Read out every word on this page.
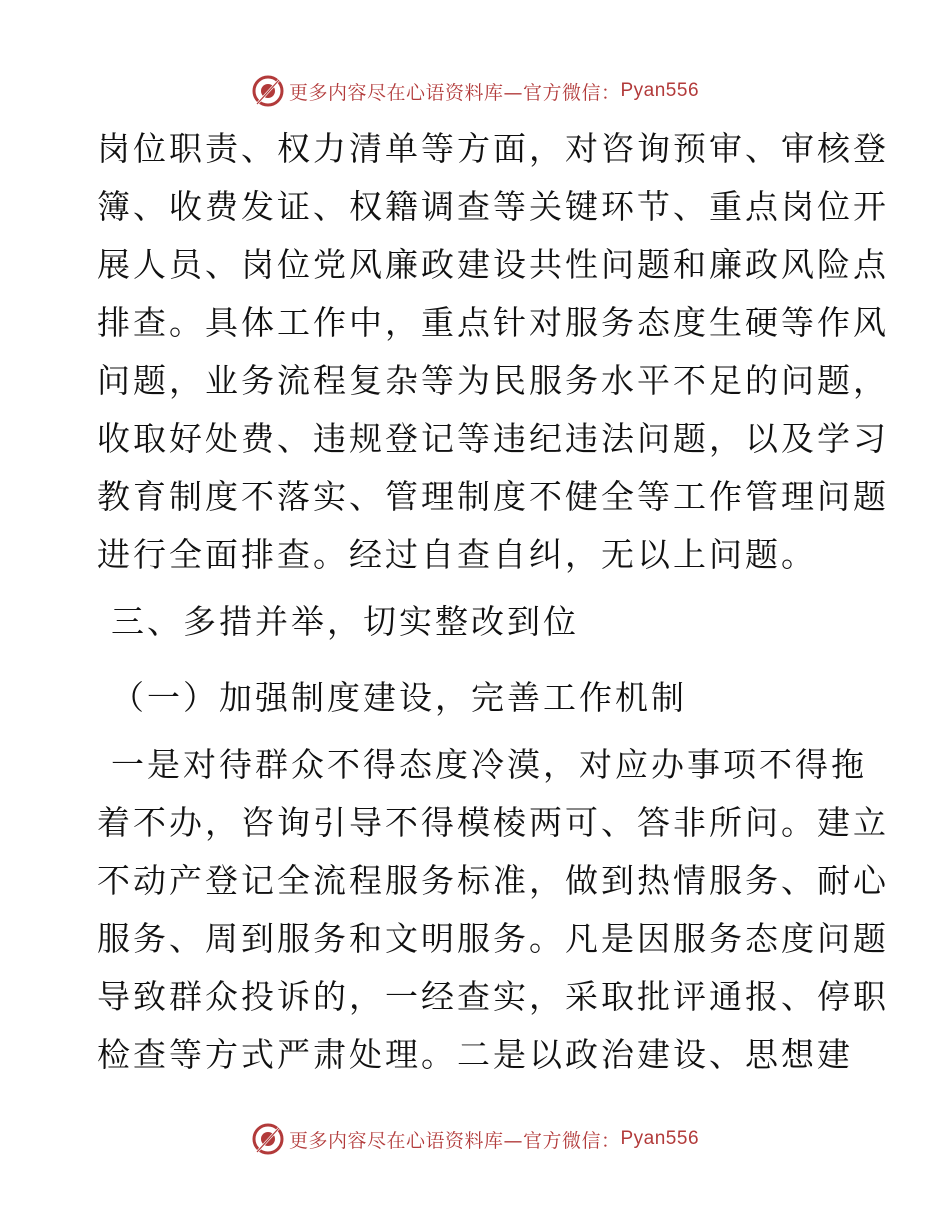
更多内容尽在心语资料库—官方微信： Pyan556
岗位职责、权力清单等方面，对咨询预审、审核登
簿、收费发证、权籍调查等关键环节、重点岗位开
展人员、岗位党风廉政建设共性问题和廉政风险点
排查。具体工作中，重点针对服务态度生硬等作风
问题，业务流程复杂等为民服务水平不足的问题，
收取好处费、违规登记等违纪违法问题，以及学习
教育制度不落实、管理制度不健全等工作管理问题
进行全面排查。经过自查自纠，无以上问题。
三、多措并举，切实整改到位
（一）加强制度建设，完善工作机制
一是对待群众不得态度冷漠，对应办事项不得拖
着不办，咨询引导不得模棱两可、答非所问。建立
不动产登记全流程服务标准，做到热情服务、耐心
服务、周到服务和文明服务。凡是因服务态度问题
导致群众投诉的，一经查实，采取批评通报、停职
检查等方式严肃处理。二是以政治建设、思想建
更多内容尽在心语资料库—官方微信： Pyan556
